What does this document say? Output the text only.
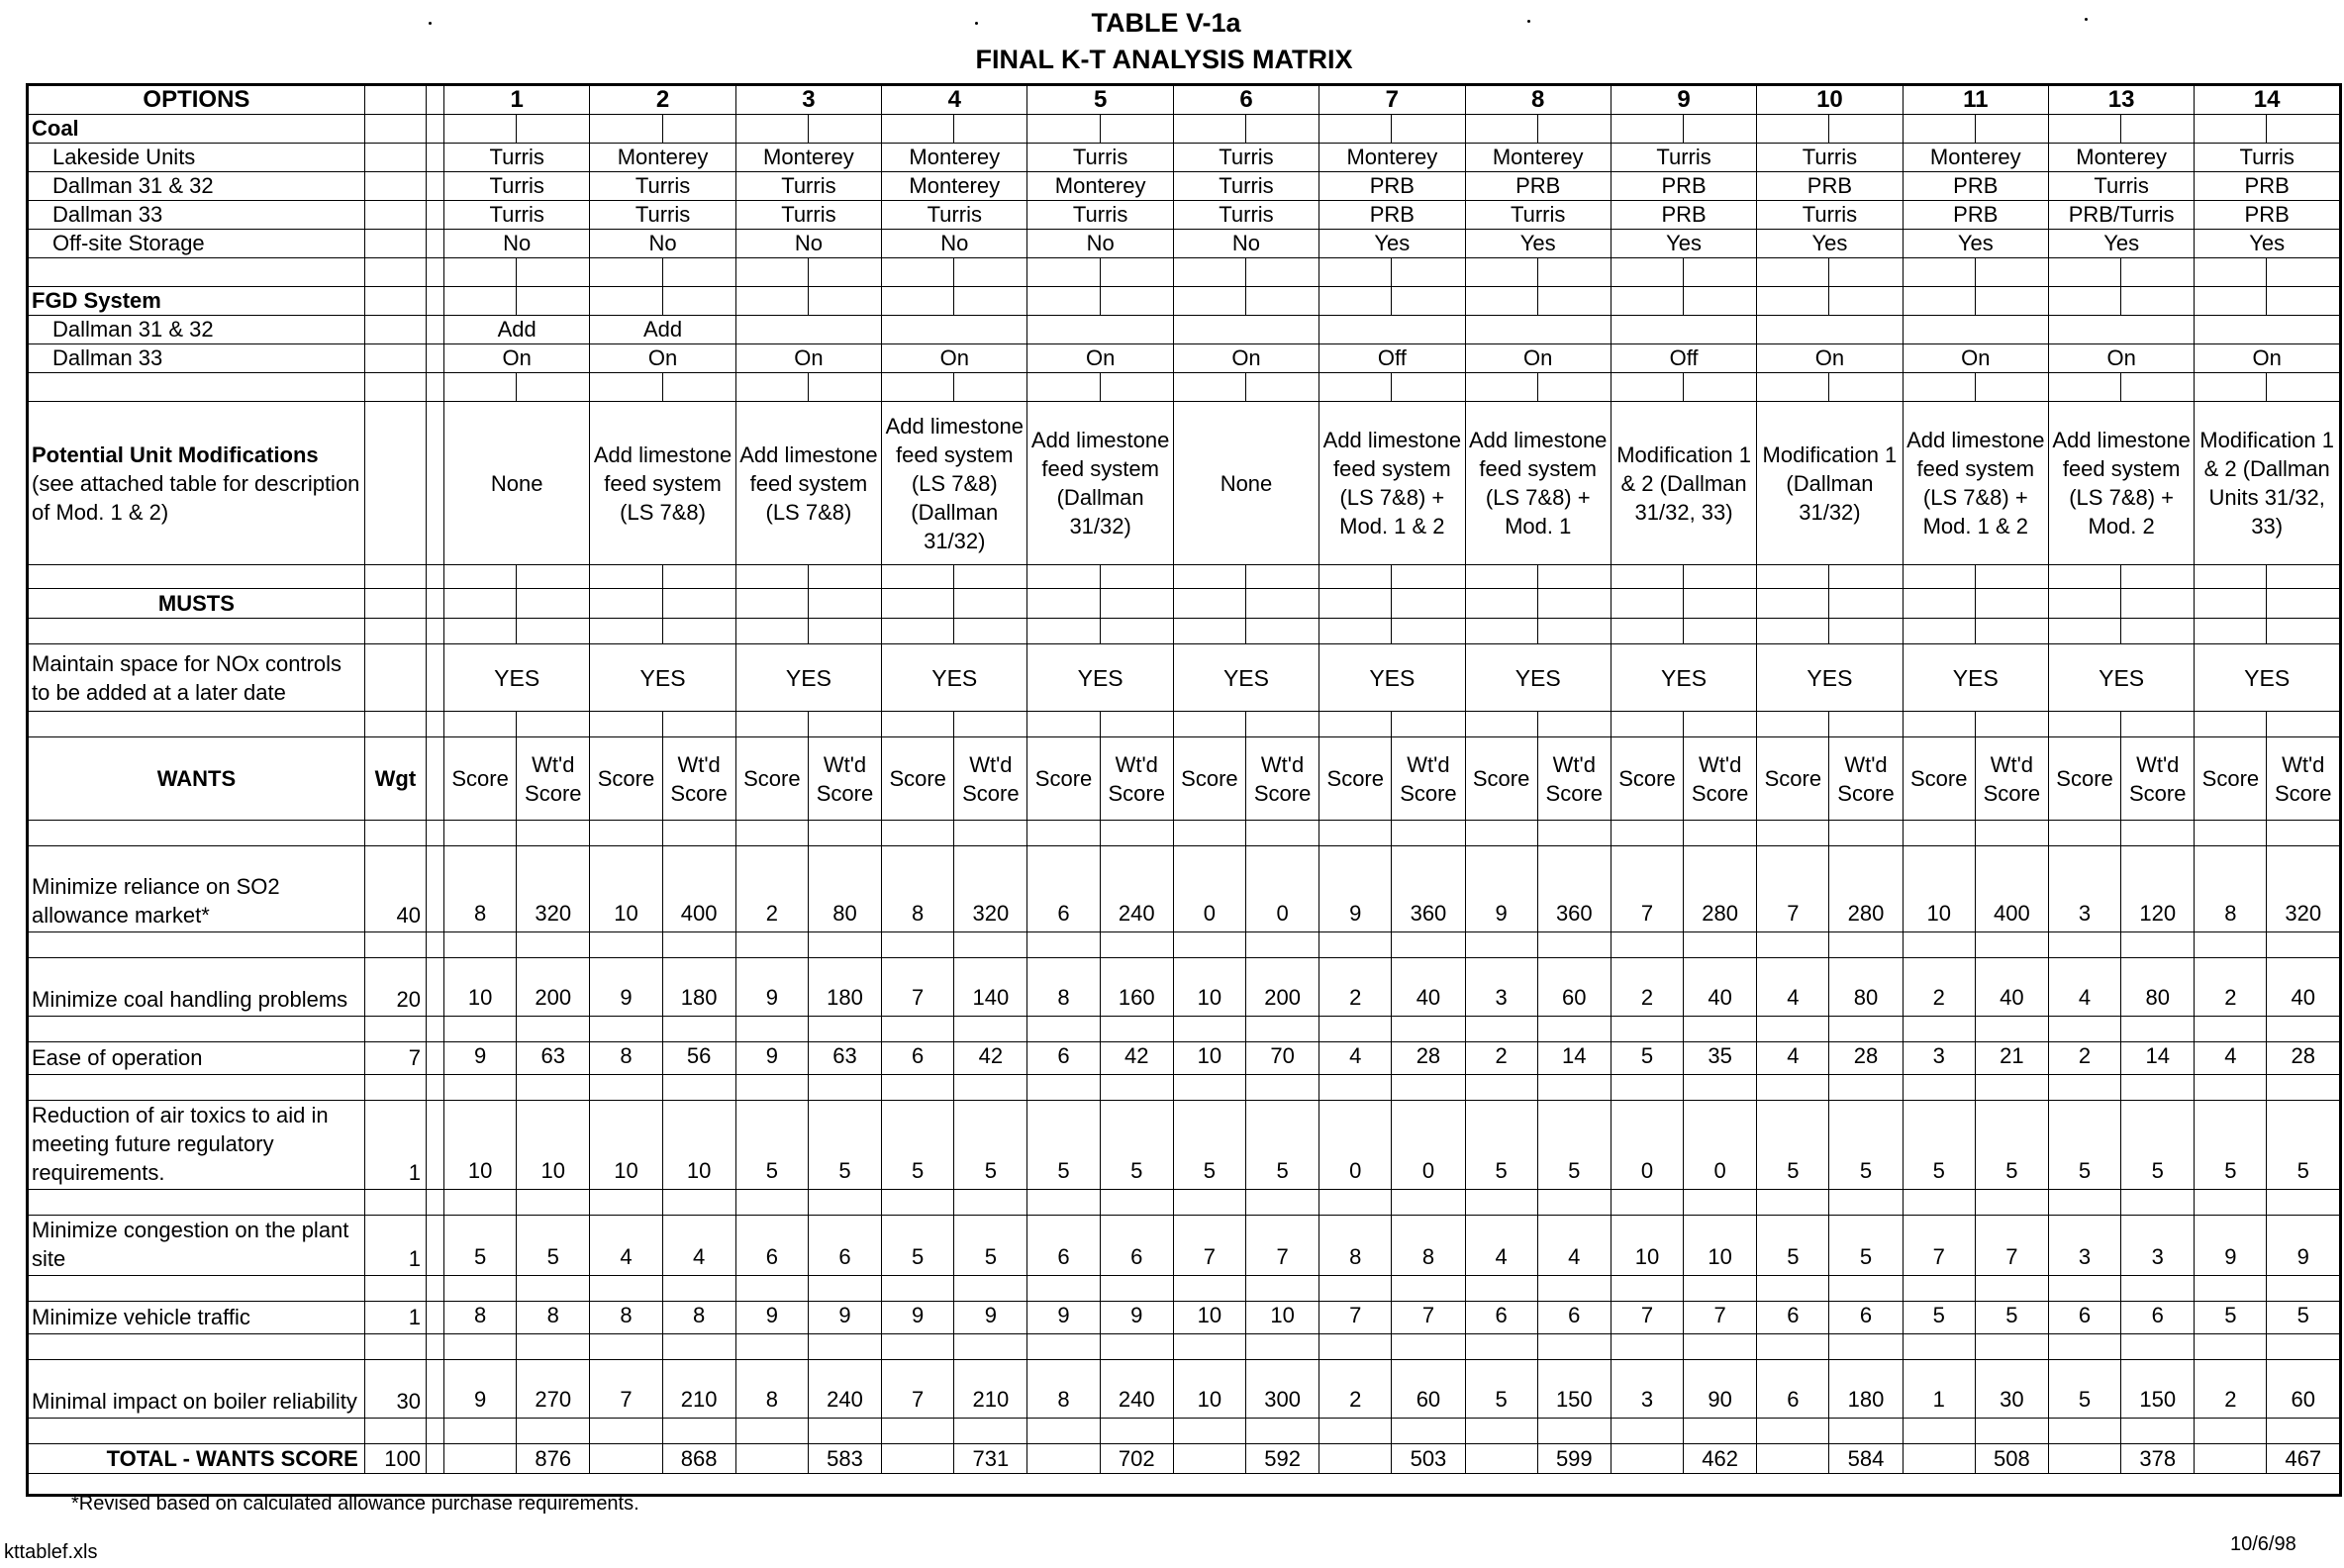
TABLE V-1a
FINAL K-T ANALYSIS MATRIX
OPTIONS			1		2		3		4		5		6		7		8		9		10		11		13		14	
Coal																												
Lakeside Units			Turris		Monterey		Monterey		Monterey		Turris		Turris		Monterey		Monterey		Turris		Turris		Monterey		Monterey		Turris	
Dallman 31 & 32			Turris		Turris		Turris		Monterey		Monterey		Turris		PRB		PRB		PRB		PRB		PRB		Turris		PRB	
Dallman 33			Turris		Turris		Turris		Turris		Turris		Turris		PRB		Turris		PRB		Turris		PRB		PRB/Turris		PRB	
Off-site Storage			No		No		No		No		No		No		Yes		Yes		Yes		Yes		Yes		Yes		Yes	

FGD System																												
Dallman 31 & 32			Add		Add																							
Dallman 33			On		On		On		On		On		On		Off		On		Off		On		On		On		On	

Potential Unit Modifications
(see attached table for description of Mod. 1 & 2)			None		Add limestone feed system (LS 7&8)		Add limestone feed system (LS 7&8)		Add limestone feed system (LS 7&8) (Dallman 31/32)		Add limestone feed system (Dallman 31/32)		None		Add limestone feed system (LS 7&8) + Mod. 1 & 2		Add limestone feed system (LS 7&8) + Mod. 1		Modification 1 & 2 (Dallman 31/32, 33)		Modification 1 (Dallman 31/32)		Add limestone feed system (LS 7&8) + Mod. 1 & 2		Add limestone feed system (LS 7&8) + Mod. 2		Modification 1 & 2 (Dallman Units 31/32, 33)	

MUSTS																												

Maintain space for NOx controls to be added at a later date			YES		YES		YES		YES		YES		YES		YES		YES		YES		YES		YES		YES		YES	

WANTS	Wgt		Score	Wt'd Score	Score	Wt'd Score	Score	Wt'd Score	Score	Wt'd Score	Score	Wt'd Score	Score	Wt'd Score	Score	Wt'd Score	Score	Wt'd Score	Score	Wt'd Score	Score	Wt'd Score	Score	Wt'd Score	Score	Wt'd Score	Score	Wt'd Score

Minimize reliance on SO2 allowance market*	40		8	320	10	400	2	80	8	320	6	240	0	0	9	360	9	360	7	280	7	280	10	400	3	120	8	320

Minimize coal handling problems	20		10	200	9	180	9	180	7	140	8	160	10	200	2	40	3	60	2	40	4	80	2	40	4	80	2	40

Ease of operation	7		9	63	8	56	9	63	6	42	6	42	10	70	4	28	2	14	5	35	4	28	3	21	2	14	4	28

Reduction of air toxics to aid in meeting future regulatory requirements.	1		10	10	10	10	5	5	5	5	5	5	5	5	0	0	5	5	0	0	5	5	5	5	5	5	5	5

Minimize congestion on the plant site	1		5	5	4	4	6	6	5	5	6	6	7	7	8	8	4	4	10	10	5	5	7	7	3	3	9	9

Minimize vehicle traffic	1		8	8	8	8	9	9	9	9	9	9	10	10	7	7	6	6	7	7	6	6	5	5	6	6	5	5

Minimal impact on boiler reliability	30		9	270	7	210	8	240	7	210	8	240	10	300	2	60	5	150	3	90	6	180	1	30	5	150	2	60

TOTAL - WANTS SCORE	100			876		868		583		731		702		592		503		599		462		584		508		378		467

*Revised based on calculated allowance purchase requirements.
kttablef.xls	10/6/98
